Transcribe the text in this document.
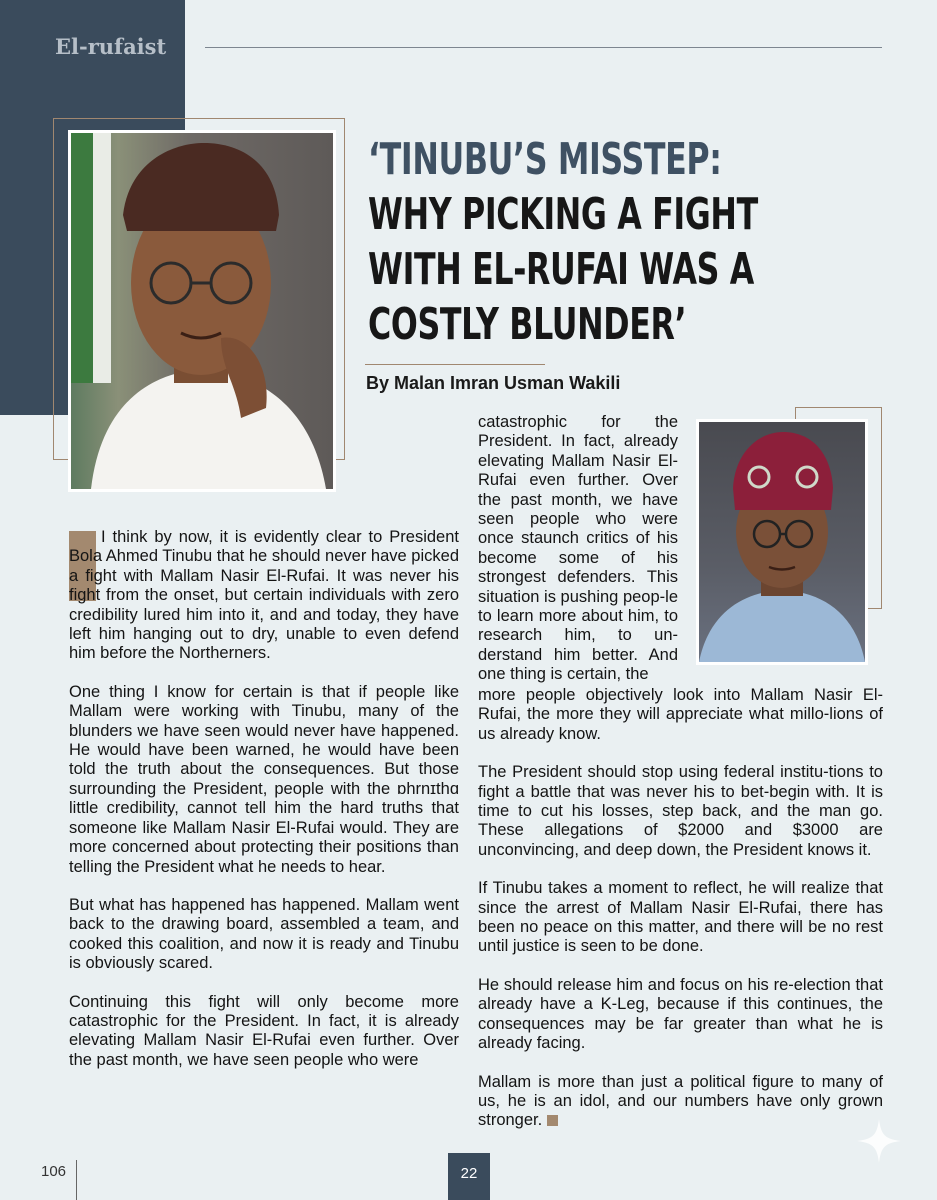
El-rufaist
‘TINUBU’S MISSTEP:
WHY PICKING A FIGHT
WITH EL-RUFAI WAS A
COSTLY BLUNDER’
By Malan Imran Usman Wakili

I think by now, it is evidently clear to President Bola Ahmed Tinubu that he should never have picked a fight with Mallam Nasir El-Rufai. It was never his fight from the onset, but certain individuals with zero credibility lured him into it, and and today, they have left him hanging out to dry, unable to even defend him before the Northerners.

One thing I know for certain is that if people like Mallam were working with Tinubu, many of the blunders we have seen would never have happened. He would have been warned, he would have been told the truth about the consequences. But those surrounding the President, people with the ɒhrnɪthɑ little credibility, cannot tell him the hard truths that someone like Mallam Nasir El-Rufai would. They are more concerned about protecting their positions than telling the President what he needs to hear.

But what has happened has happened. Mallam went back to the drawing board, assembled a team, and cooked this coalition, and now it is ready and Tinubu is obviously scared.

Continuing this fight will only become more catastrophic for the President. In fact, it is already elevating Mallam Nasir El-Rufai even further. Over the past month, we have seen people who were

catastrophic for the President. In fact, already elevating Mallam Nasir El-Rufai even further. Over the past month, we have seen people who were once staunch critics of his become some of his strongest defenders. This situation is pushing peop-le to learn more about him, to research him, to un-derstand him better. And one thing is certain, the

more people objectively look into Mallam Nasir El-Rufai, the more they will appreciate what millo-lions of us already know.

The President should stop using federal institu-tions to fight a battle that was never his to bet-begin with. It is time to cut his losses, step back, and the man go. These allegations of $2000 and $3000 are unconvincing, and deep down, the President knows it.

If Tinubu takes a moment to reflect, he will realize that since the arrest of Mallam Nasir El-Rufai, there has been no peace on this matter, and there will be no rest until justice is seen to be done.

He should release him and focus on his re-election that already have a K-Leg, because if this continues, the consequences may be far greater than what he is already facing.

Mallam is more than just a political figure to many of us, he is an idol, and our numbers have only grown stronger.

106	22
